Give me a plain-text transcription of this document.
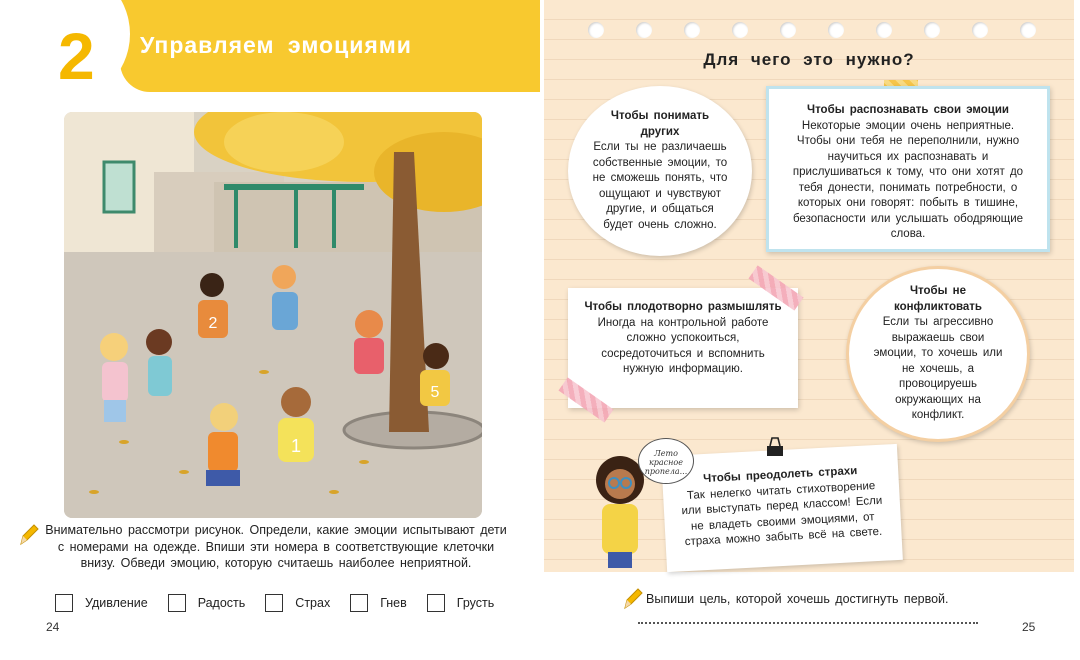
2 Управляем эмоциями
2
5
1
Внимательно рассмотри рисунок. Определи, какие эмоции испытывают дети с номерами на одежде. Впиши эти номера в соответствующие клеточки внизу. Обведи эмоцию, которую считаешь наиболее неприятной.
Удивление	Радость	Страх	Гнев	Грусть
24
Для чего это нужно?
Чтобы понимать других
Если ты не различаешь собственные эмоции, то не сможешь понять, что ощущают и чувствуют другие, и общаться будет очень сложно.
Чтобы распознавать свои эмоции
Некоторые эмоции очень неприятные. Чтобы они тебя не переполнили, нужно научиться их распознавать и прислушиваться к тому, что они хотят до тебя донести, понимать потребности, о которых они говорят: побыть в тишине, безопасности или услышать ободряющие слова.
Чтобы плодотворно размышлять
Иногда на контрольной работе сложно успокоиться, сосредоточиться и вспомнить нужную информацию.
Чтобы не конфликтовать
Если ты агрессивно выражаешь свои эмоции, то хочешь или не хочешь, а провоцируешь окружающих на конфликт.
Чтобы преодолеть страхи
Так нелегко читать стихотворение или выступать перед классом! Если не владеть своими эмоциями, от страха можно забыть всё на свете.
Лето красное пропела...
Выпиши цель, которой хочешь достигнуть первой.
25
